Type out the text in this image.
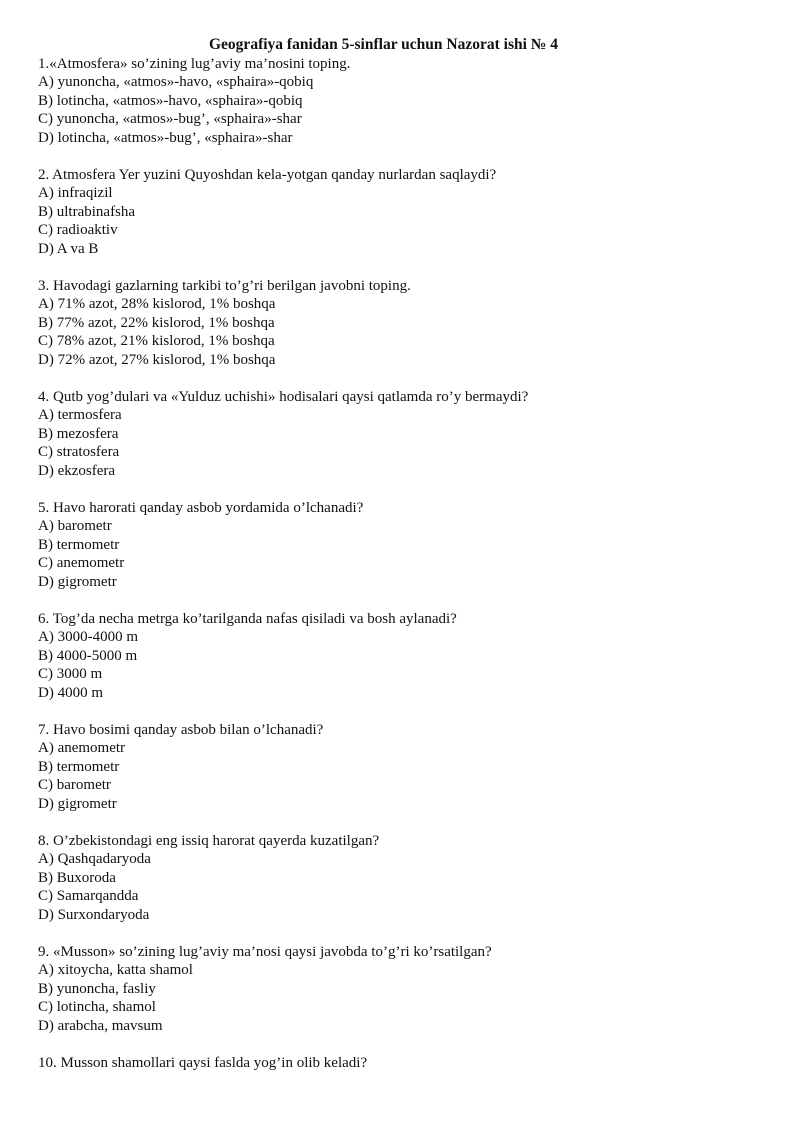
Geografiya fanidan 5-sinflar uchun Nazorat ishi № 4
1.«Atmosfera» so’zining lug’aviy ma’nosini toping.
A) yunoncha, «atmos»-havo, «sphaira»-qobiq
B) lotincha, «atmos»-havo, «sphaira»-qobiq
C) yunoncha, «atmos»-bug’, «sphaira»-shar
D) lotincha, «atmos»-bug’, «sphaira»-shar
2. Atmosfera Yer yuzini Quyoshdan kela-yotgan qanday nurlardan saqlaydi?
A) infraqizil
B) ultrabinafsha
C) radioaktiv
D) A va B
3. Havodagi gazlarning tarkibi to’g’ri berilgan javobni toping.
A) 71% azot, 28% kislorod, 1% boshqa
B) 77% azot, 22% kislorod, 1% boshqa
C) 78% azot, 21% kislorod, 1% boshqa
D) 72% azot, 27% kislorod, 1% boshqa
4. Qutb yog’dulari va «Yulduz uchishi» hodisalari qaysi qatlamda ro’y bermaydi?
A) termosfera
B) mezosfera
C) stratosfera
D) ekzosfera
5. Havo harorati qanday asbob yordamida o’lchanadi?
A) barometr
B) termometr
C) anemometr
D) gigrometr
6. Tog’da necha metrga ko’tarilganda nafas qisiladi va bosh aylanadi?
A) 3000-4000 m
B) 4000-5000 m
C) 3000 m
D) 4000 m
7. Havo bosimi qanday asbob bilan o’lchanadi?
A) anemometr
B) termometr
C) barometr
D) gigrometr
8. O’zbekistondagi eng issiq harorat qayerda kuzatilgan?
A) Qashqadaryoda
B) Buxoroda
C) Samarqandda
D) Surxondaryoda
9. «Musson» so’zining lug’aviy ma’nosi qaysi javobda to’g’ri ko’rsatilgan?
A) xitoycha, katta shamol
B) yunoncha, fasliy
C) lotincha, shamol
D) arabcha, mavsum
10. Musson shamollari qaysi faslda yog’in olib keladi?
